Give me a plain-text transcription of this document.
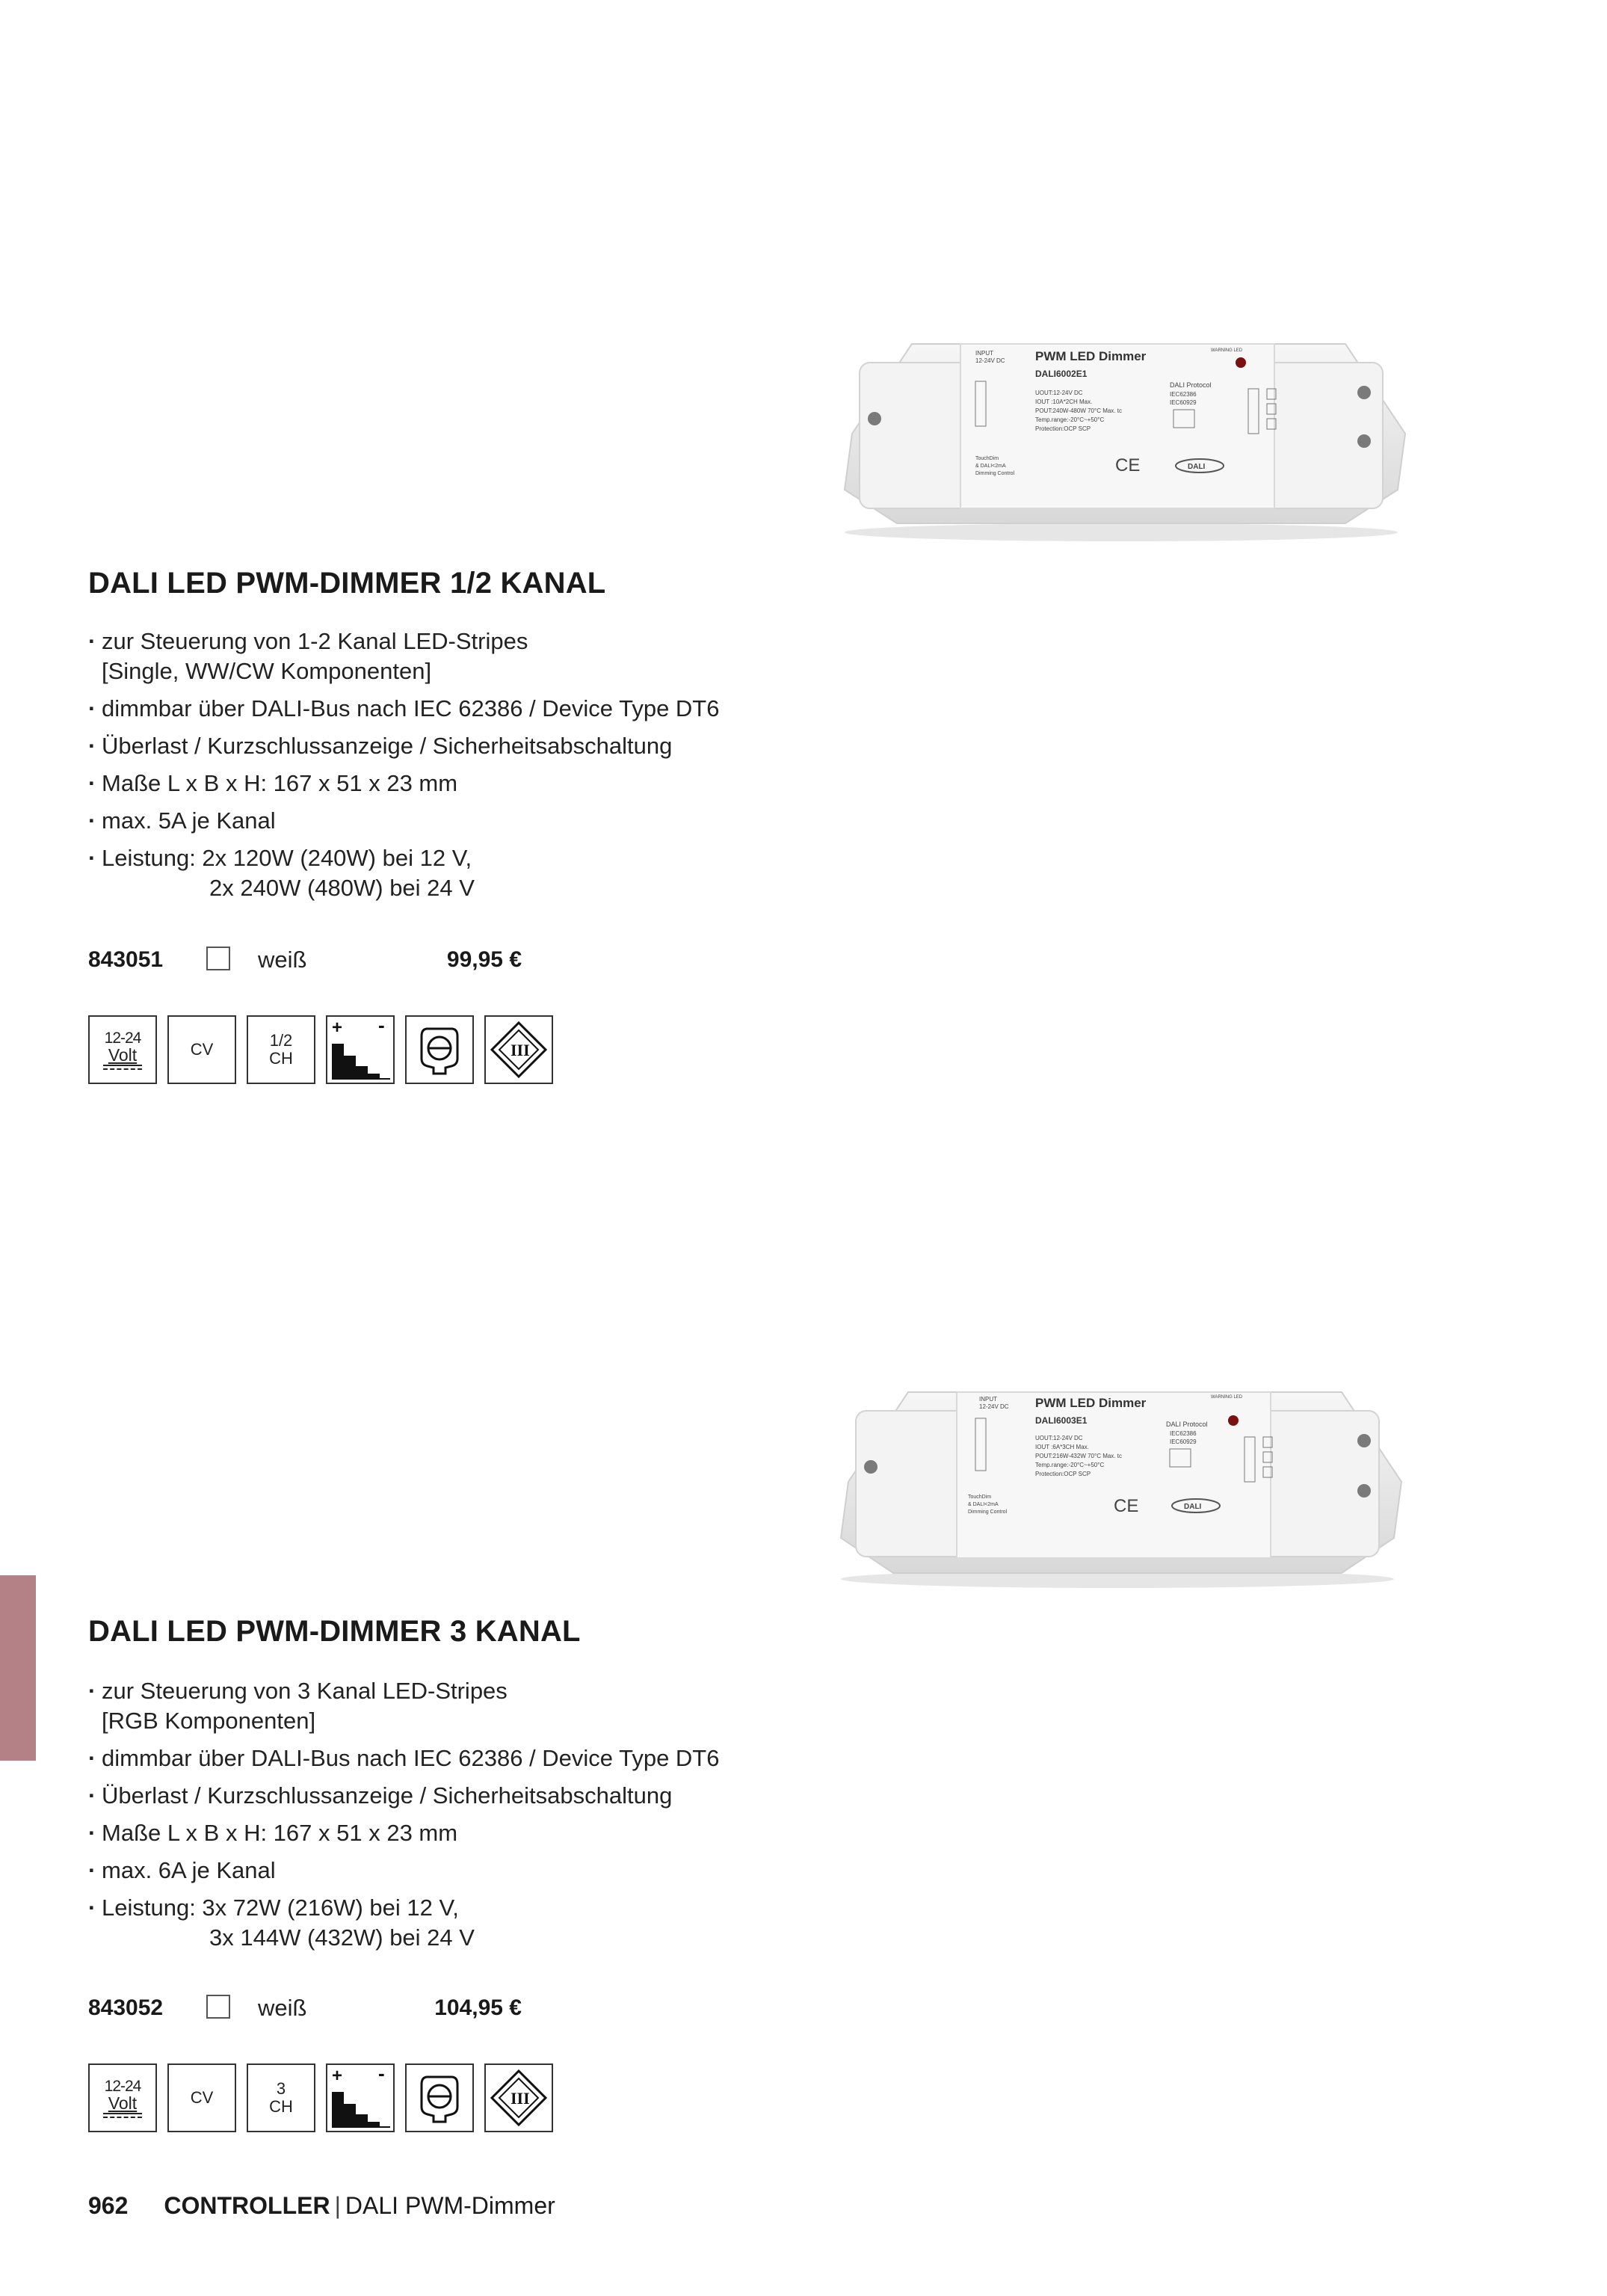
INPUT
12-24V DC PWM LED Dimmer
DALI6002E1
WARNING LED
UOUT:12-24V DC
IOUT :10A*2CH Max.
POUT:240W-480W 70°C Max. tc
Temp.range:-20°C~+50°C
Protection:OCP SCP
DALI Protocol
IEC62386
IEC60929
TouchDim
& DALI<2mA
Dimming Control	CE	DALI
DALI LED PWM-DIMMER 1/2 KANAL
· zur Steuerung von 1-2 Kanal LED-Stripes
[Single, WW/CW Komponenten]
· dimmbar über DALI-Bus nach IEC 62386 / Device Type DT6
· Überlast / Kurzschlussanzeige / Sicherheitsabschaltung
· Maße L x B x H: 167 x 51 x 23 mm
· max. 5A je Kanal
· Leistung: 2x 120W (240W) bei 12 V,
2x 240W (480W) bei 24 V
843051	weiß	99,95 €
12-24
Volt	CV	1/2
CH
+ -
III
INPUT
12-24V DC PWM LED Dimmer
DALI6003E1
WARNING LED
UOUT:12-24V DC
IOUT :6A*3CH Max.
POUT:216W-432W 70°C Max. tc
Temp.range:-20°C~+50°C
Protection:OCP SCP
DALI Protocol
IEC62386
IEC60929
TouchDim
& DALI<2mA
Dimming Control	CE	DALI
DALI LED PWM-DIMMER 3 KANAL
· zur Steuerung von 3 Kanal LED-Stripes
[RGB Komponenten]
· dimmbar über DALI-Bus nach IEC 62386 / Device Type DT6
· Überlast / Kurzschlussanzeige / Sicherheitsabschaltung
· Maße L x B x H: 167 x 51 x 23 mm
· max. 6A je Kanal
· Leistung: 3x 72W (216W) bei 12 V,
3x 144W (432W) bei 24 V
843052	weiß	104,95 €
12-24
Volt	CV	3
CH
+ -
III
962 CONTROLLER | DALI PWM-Dimmer
